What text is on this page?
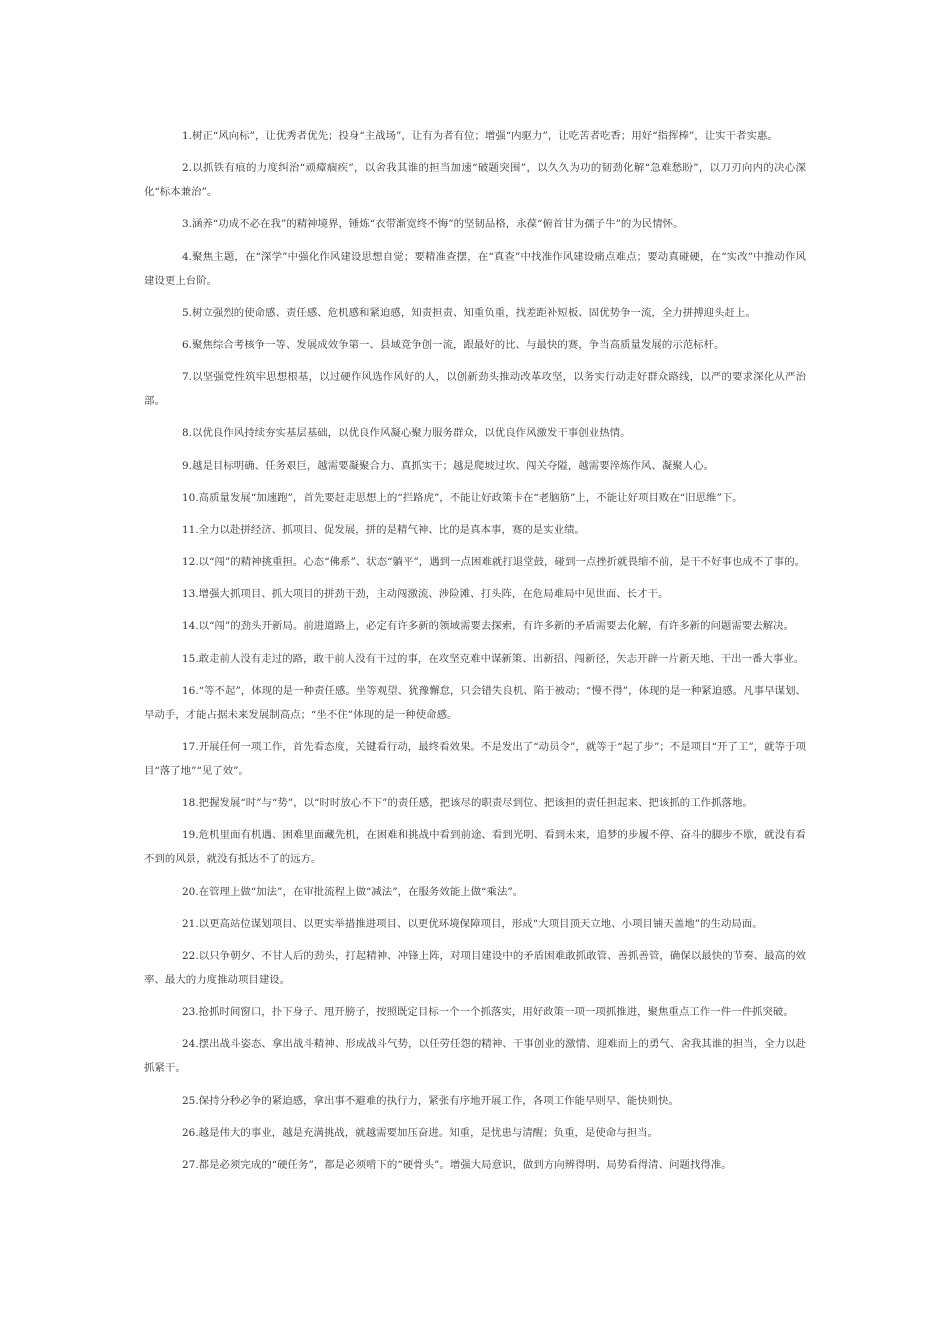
1.树正“风向标”，让优秀者优先；投身“主战场”，让有为者有位；增强“内驱力”，让吃苦者吃香；用好“指挥棒”，让实干者实惠。

2.以抓铁有痕的力度纠治“顽瘴痼疾”，以舍我其谁的担当加速“破题突围”，以久久为功的韧劲化解“急难愁盼”，以刀刃向内的决心深化“标本兼治”。

3.涵养“功成不必在我”的精神境界，锤炼“衣带渐宽终不悔”的坚韧品格，永葆“俯首甘为孺子牛”的为民情怀。

4.聚焦主题，在“深学”中强化作风建设思想自觉；要精准查摆，在“真查”中找准作风建设痛点难点；要动真碰硬，在“实改”中推动作风建设更上台阶。

5.树立强烈的使命感、责任感、危机感和紧迫感，知责担责、知重负重，找差距补短板、固优势争一流，全力拼搏迎头赶上。

6.聚焦综合考核争一等、发展成效争第一、县域竞争创一流，跟最好的比、与最快的赛，争当高质量发展的示范标杆。

7.以坚强党性筑牢思想根基，以过硬作风选作风好的人，以创新劲头推动改革攻坚，以务实行动走好群众路线，以严的要求深化从严治部。

8.以优良作风持续夯实基层基础，以优良作风凝心聚力服务群众，以优良作风激发干事创业热情。

9.越是目标明确、任务艰巨，越需要凝聚合力、真抓实干；越是爬坡过坎、闯关夺隘，越需要淬炼作风、凝聚人心。

10.高质量发展“加速跑”，首先要赶走思想上的“拦路虎”，不能让好政策卡在“老脑筋”上，不能让好项目败在“旧思维”下。

11.全力以赴拼经济、抓项目、促发展，拼的是精气神、比的是真本事，赛的是实业绩。

12.以“闯”的精神挑重担。心态“佛系”、状态“躺平”，遇到一点困难就打退堂鼓，碰到一点挫折就畏缩不前，是干不好事也成不了事的。

13.增强大抓项目、抓大项目的拼劲干劲，主动闯激流、涉险滩、打头阵，在危局难局中见世面、长才干。

14.以“闯”的劲头开新局。前进道路上，必定有许多新的领域需要去探索，有许多新的矛盾需要去化解，有许多新的问题需要去解决。

15.敢走前人没有走过的路，敢干前人没有干过的事，在攻坚克难中谋新策、出新招、闯新径，矢志开辟一片新天地、干出一番大事业。

16.“等不起”，体现的是一种责任感。坐等观望、犹豫懈怠，只会错失良机、陷于被动；“慢不得”，体现的是一种紧迫感。凡事早谋划、早动手，才能占据未来发展制高点；“坐不住”体现的是一种使命感。

17.开展任何一项工作，首先看态度，关键看行动，最终看效果。不是发出了“动员令”，就等于“起了步”；不是项目“开了工”，就等于项目“落了地”“见了效”。

18.把握发展“时”与“势”，以“时时放心不下”的责任感，把该尽的职责尽到位、把该担的责任担起来、把该抓的工作抓落地。

19.危机里面有机遇、困难里面藏先机，在困难和挑战中看到前途、看到光明、看到未来，追梦的步履不停、奋斗的脚步不歇，就没有看不到的风景，就没有抵达不了的远方。

20.在管理上做“加法”，在审批流程上做“减法”，在服务效能上做“乘法”。

21.以更高站位谋划项目、以更实举措推进项目、以更优环境保障项目，形成“大项目顶天立地、小项目铺天盖地”的生动局面。

22.以只争朝夕、不甘人后的劲头，打起精神、冲锋上阵，对项目建设中的矛盾困难敢抓敢管、善抓善管，确保以最快的节奏、最高的效率、最大的力度推动项目建设。

23.抢抓时间窗口，扑下身子、甩开膀子，按照既定目标一个一个抓落实，用好政策一项一项抓推进，聚焦重点工作一件一件抓突破。

24.摆出战斗姿态、拿出战斗精神、形成战斗气势，以任劳任怨的精神、干事创业的激情、迎难而上的勇气、舍我其谁的担当，全力以赴抓紧干。

25.保持分秒必争的紧迫感，拿出事不避难的执行力，紧张有序地开展工作，各项工作能早则早、能快则快。

26.越是伟大的事业，越是充满挑战，就越需要加压奋进。知重，是忧患与清醒；负重，是使命与担当。

27.都是必须完成的“硬任务”，都是必须啃下的“硬骨头”。增强大局意识，做到方向辨得明、局势看得清、问题找得准。
